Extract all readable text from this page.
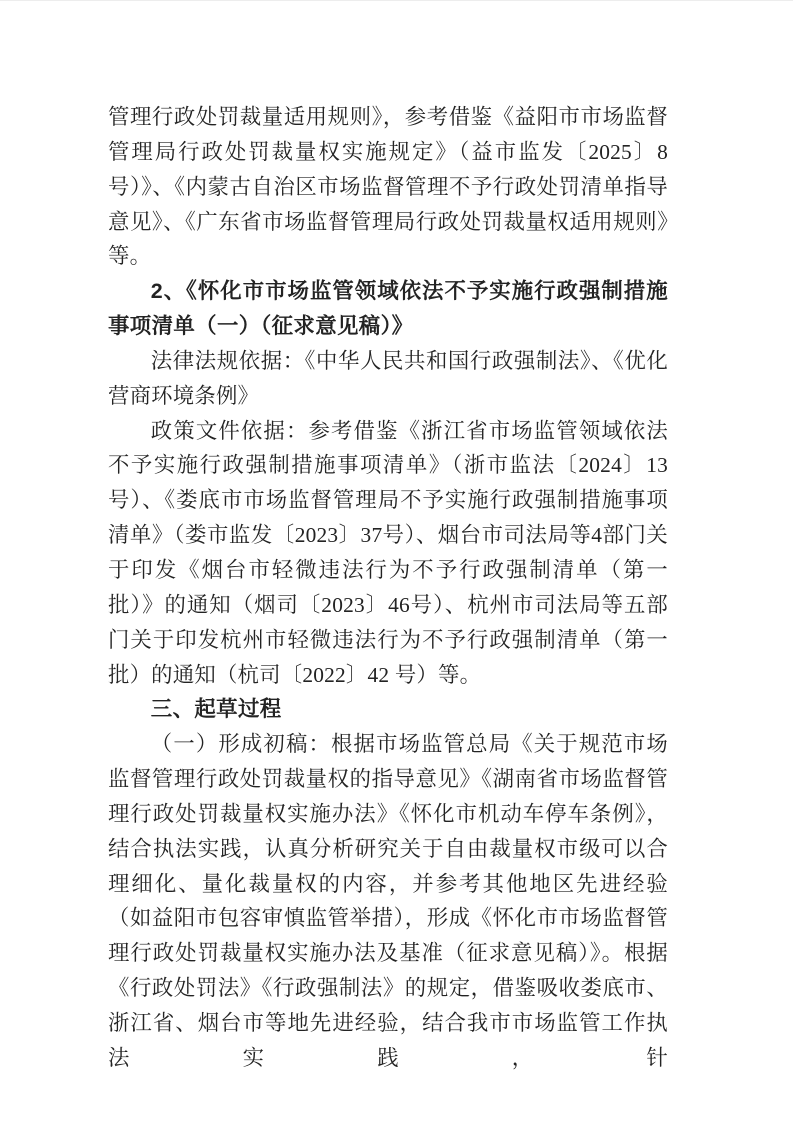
管理行政处罚裁量适用规则》，参考借鉴《益阳市市场监督管理局行政处罚裁量权实施规定》（益市监发〔2025〕8 号）》、《内蒙古自治区市场监督管理不予行政处罚清单指导意见》、《广东省市场监督管理局行政处罚裁量权适用规则》等。

2、《怀化市市场监管领域依法不予实施行政强制措施事项清单（一）（征求意见稿）》

法律法规依据：《中华人民共和国行政强制法》、《优化营商环境条例》

政策文件依据：参考借鉴《浙江省市场监管领域依法不予实施行政强制措施事项清单》（浙市监法〔2024〕13 号）、《娄底市市场监督管理局不予实施行政强制措施事项清单》（娄市监发〔2023〕37号）、烟台市司法局等4部门关于印发《烟台市轻微违法行为不予行政强制清单（第一批）》的通知（烟司〔2023〕46号）、杭州市司法局等五部门关于印发杭州市轻微违法行为不予行政强制清单（第一批）的通知（杭司〔2022〕42 号）等。

三、起草过程

（一）形成初稿：根据市场监管总局《关于规范市场监督管理行政处罚裁量权的指导意见》《湖南省市场监督管理行政处罚裁量权实施办法》《怀化市机动车停车条例》，结合执法实践，认真分析研究关于自由裁量权市级可以合理细化、量化裁量权的内容，并参考其他地区先进经验（如益阳市包容审慎监管举措），形成《怀化市市场监督管理行政处罚裁量权实施办法及基准（征求意见稿）》。根据《行政处罚法》《行政强制法》的规定，借鉴吸收娄底市、浙江省、烟台市等地先进经验，结合我市市场监管工作执法实践，针
